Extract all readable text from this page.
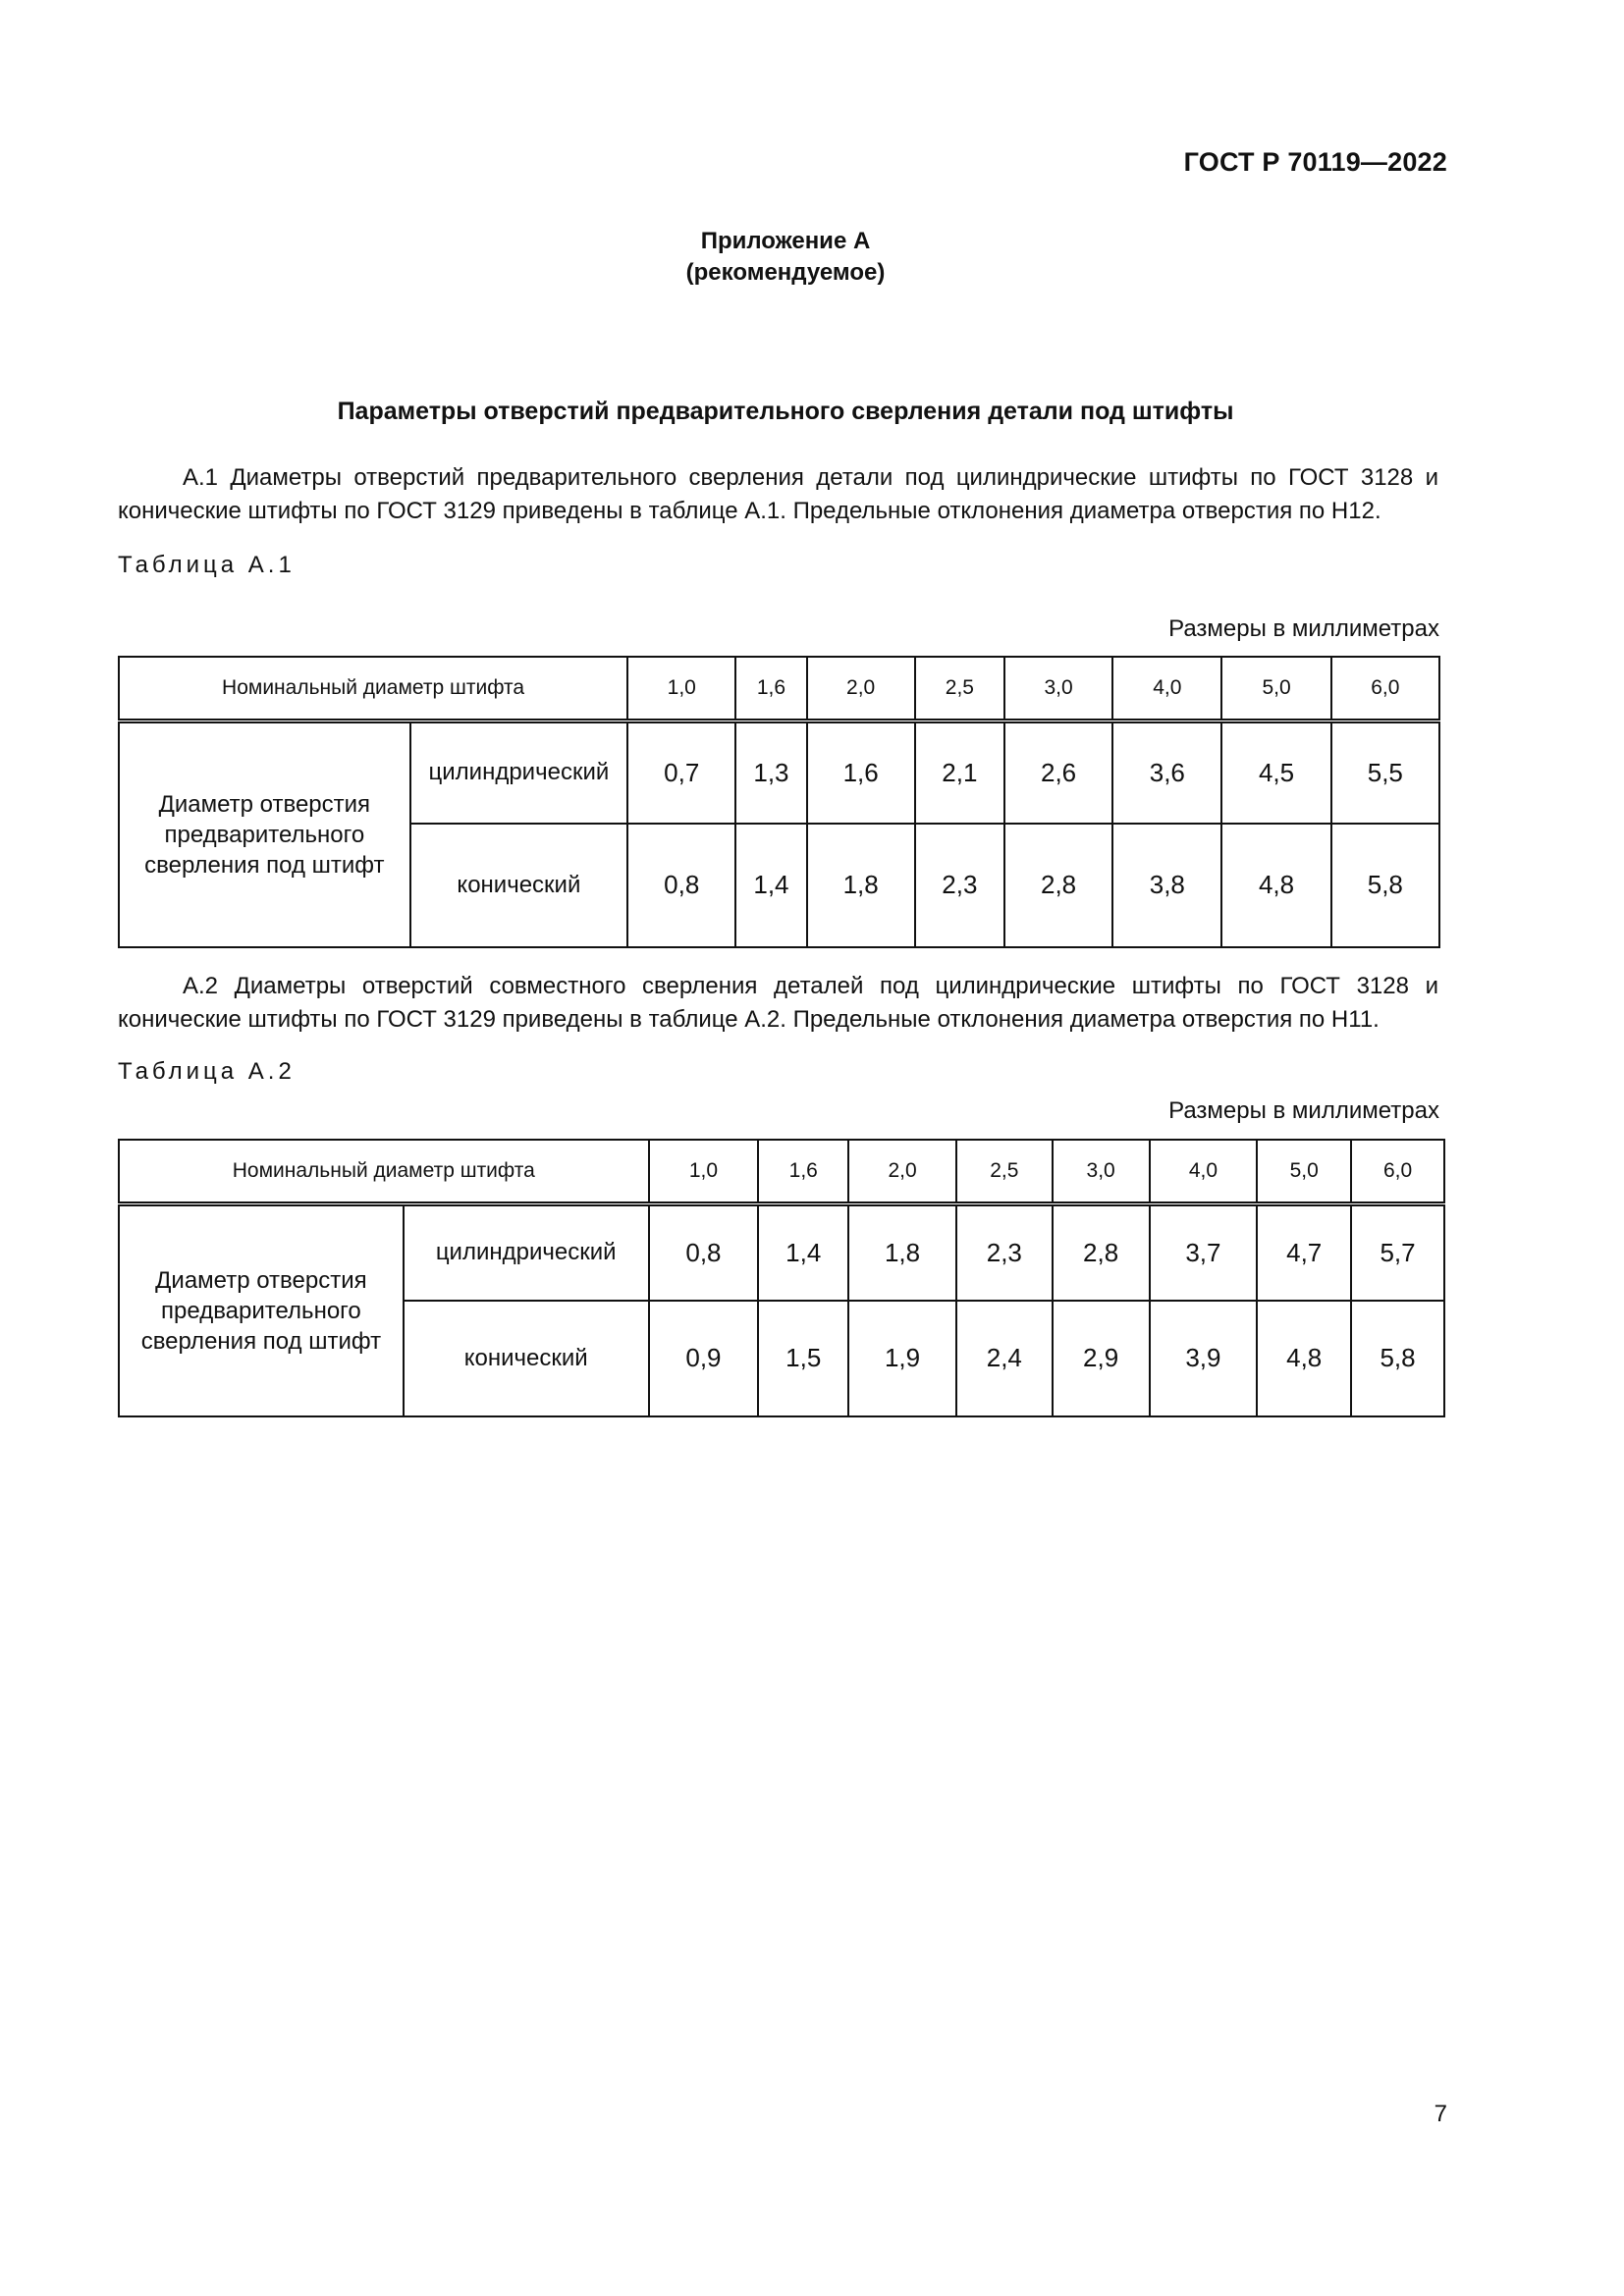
ГОСТ Р 70119—2022
Приложение А
(рекомендуемое)
Параметры отверстий предварительного сверления детали под штифты
А.1 Диаметры отверстий предварительного сверления детали под цилиндрические штифты по ГОСТ 3128 и конические штифты по ГОСТ 3129 приведены в таблице А.1. Предельные отклонения диаметра отверстия по Н12.
Таблица А.1
Размеры в миллиметрах
Номинальный диаметр штифта		1,0	1,6	2,0	2,5	3,0	4,0	5,0	6,0
Диаметр отверстия предварительного сверления под штифт	цилиндрический	0,7	1,3	1,6	2,1	2,6	3,6	4,5	5,5
	конический	0,8	1,4	1,8	2,3	2,8	3,8	4,8	5,8
А.2 Диаметры отверстий совместного сверления деталей под цилиндрические штифты по ГОСТ 3128 и конические штифты по ГОСТ 3129 приведены в таблице А.2. Предельные отклонения диаметра отверстия по Н11.
Таблица А.2
Размеры в миллиметрах
Номинальный диаметр штифта		1,0	1,6	2,0	2,5	3,0	4,0	5,0	6,0
Диаметр отверстия предварительного сверления под штифт	цилиндрический	0,8	1,4	1,8	2,3	2,8	3,7	4,7	5,7
	конический	0,9	1,5	1,9	2,4	2,9	3,9	4,8	5,8
7
